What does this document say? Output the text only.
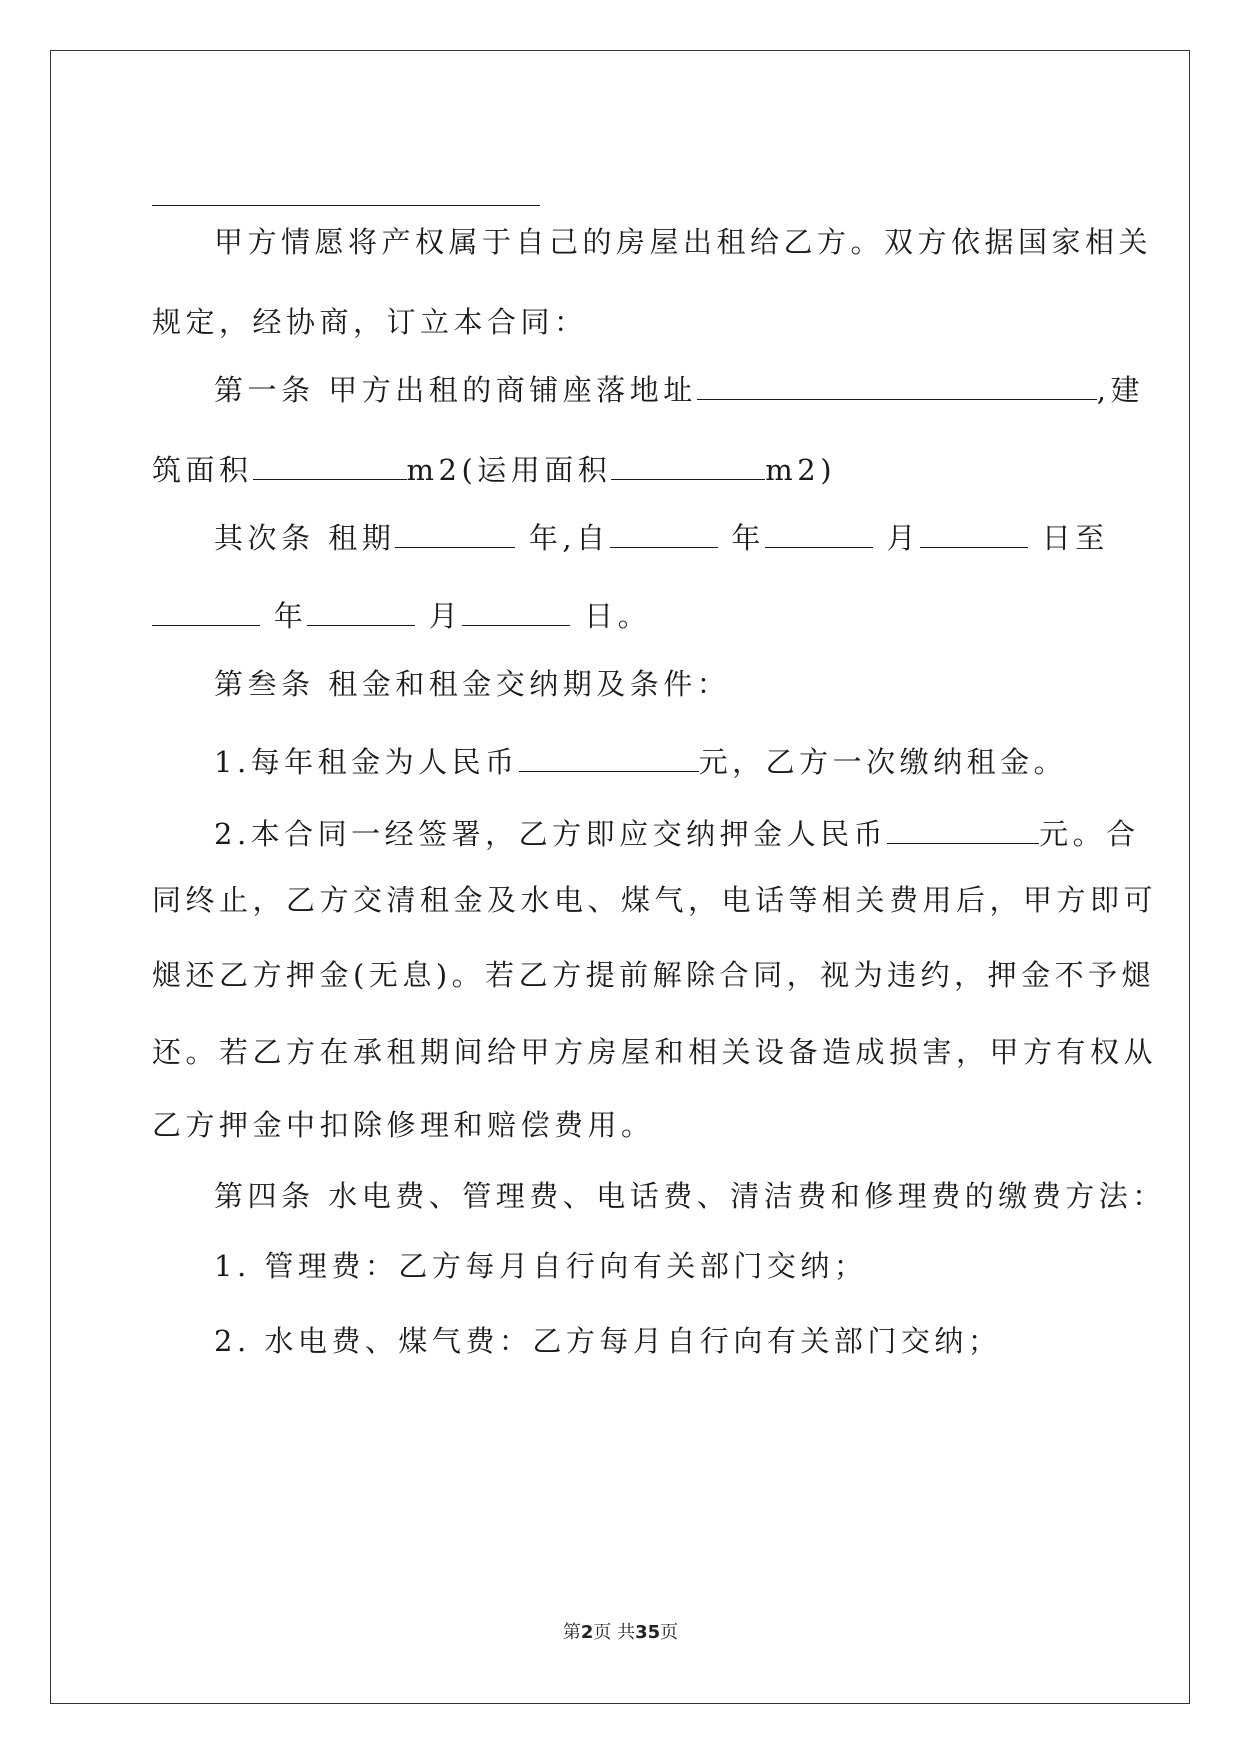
甲方情愿将产权属于自己的房屋出租给乙方。双方依据国家相关
规定，经协商，订立本合同：
第一条 甲方出租的商铺座落地址	,建
筑面积	m2(运用面积	m2)
其次条 租期	年,自	年	月	日至
年	月	日。
第叁条 租金和租金交纳期及条件：
1.每年租金为人民币	元，乙方一次缴纳租金。
2.本合同一经签署，乙方即应交纳押金人民币	元。合
同终止，乙方交清租金及水电、煤气，电话等相关费用后，甲方即可
煺还乙方押金(无息)。若乙方提前解除合同，视为违约，押金不予煺
还。若乙方在承租期间给甲方房屋和相关设备造成损害，甲方有权从
乙方押金中扣除修理和赔偿费用。
第四条 水电费、管理费、电话费、清洁费和修理费的缴费方法：
1. 管理费：乙方每月自行向有关部门交纳；
2. 水电费、煤气费：乙方每月自行向有关部门交纳；
第2页 共35页
